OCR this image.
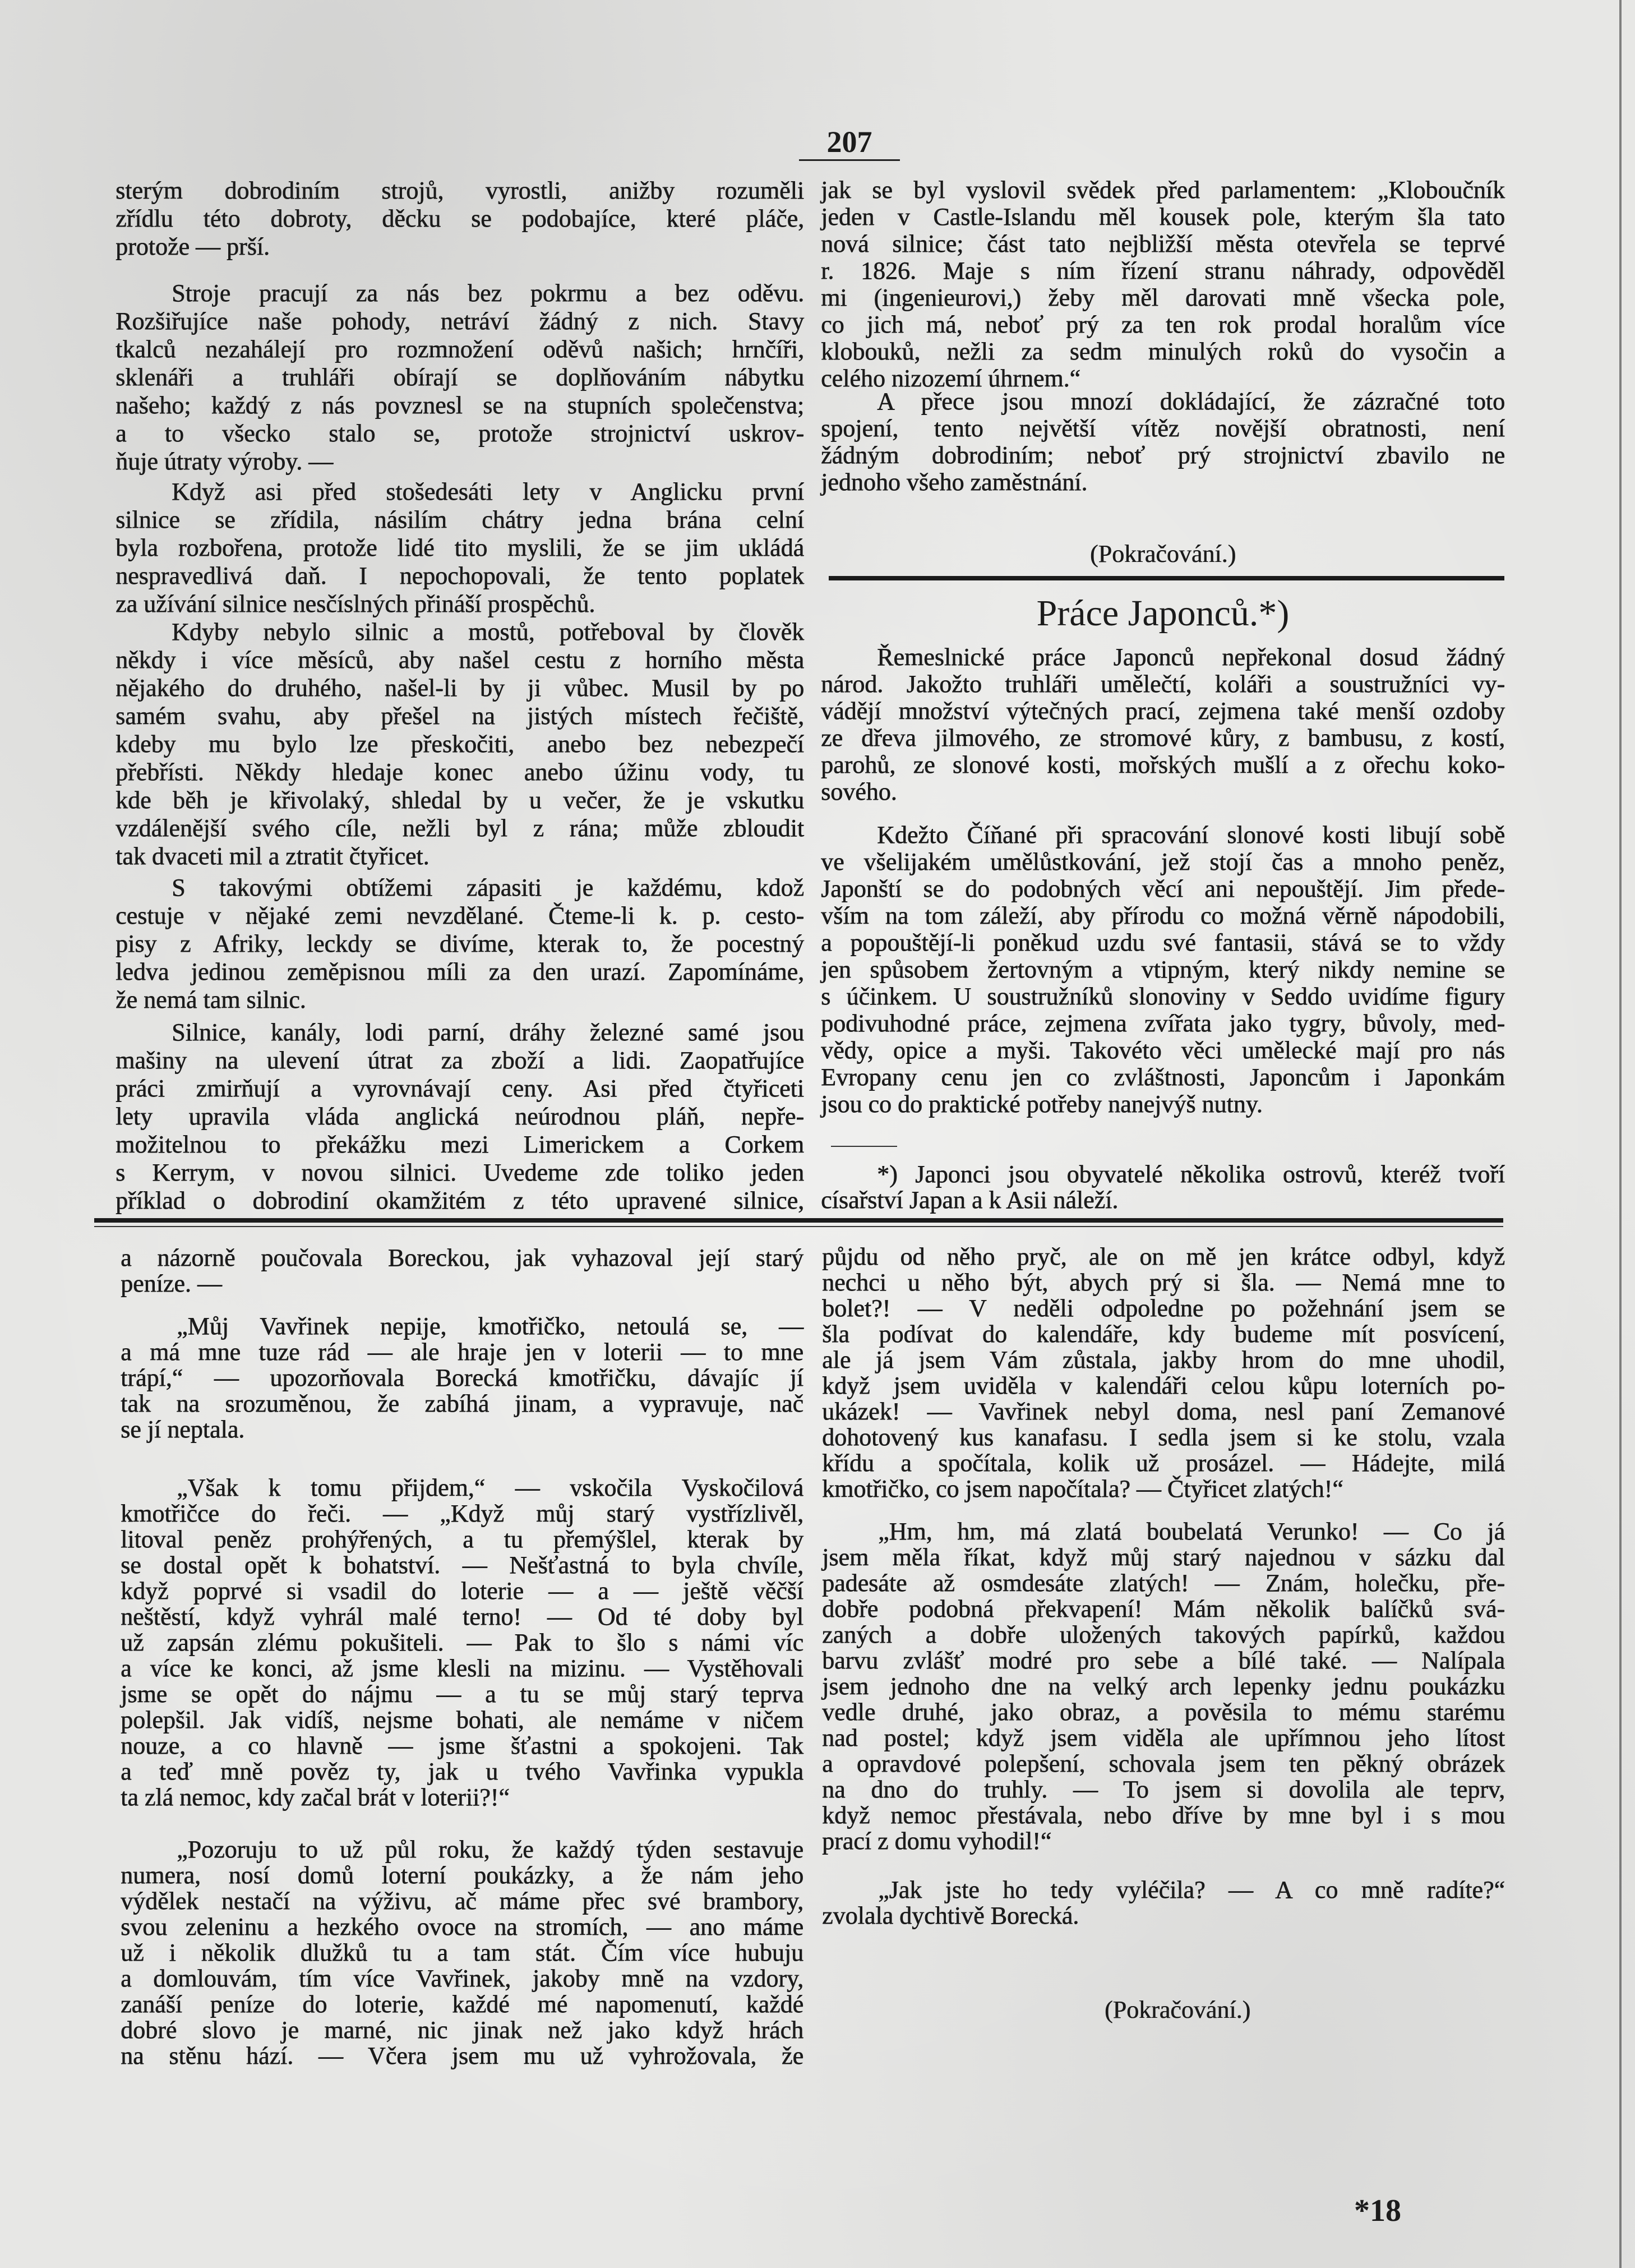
207
sterým dobrodiním strojů, vyrostli, anižby rozuměli
zřídlu této dobroty, děcku se podobajíce, které pláče,
protože — prší.
Stroje pracují za nás bez pokrmu a bez oděvu.
Rozšiřujíce naše pohody, netráví žádný z nich. Stavy
tkalců nezahálejí pro rozmnožení oděvů našich; hrnčíři,
sklenáři a truhláři obírají se doplňováním nábytku
našeho; každý z nás povznesl se na stupních společenstva;
a to všecko stalo se, protože strojnictví uskrov-
ňuje útraty výroby. —
Když asi před stošedesáti lety v Anglicku první
silnice se zřídila, násilím chátry jedna brána celní
byla rozbořena, protože lidé tito myslili, že se jim ukládá
nespravedlivá daň. I nepochopovali, že tento poplatek
za užívání silnice nesčíslných přináší prospěchů.
Kdyby nebylo silnic a mostů, potřeboval by člověk
někdy i více měsíců, aby našel cestu z horního města
nějakého do druhého, našel-li by ji vůbec. Musil by po
samém svahu, aby přešel na jistých místech řečiště,
kdeby mu bylo lze přeskočiti, anebo bez nebezpečí
přebřísti. Někdy hledaje konec anebo úžinu vody, tu
kde běh je křivolaký, shledal by u večer, že je vskutku
vzdálenější svého cíle, nežli byl z rána; může zbloudit
tak dvaceti mil a ztratit čtyřicet.
S takovými obtížemi zápasiti je každému, kdož
cestuje v nějaké zemi nevzdělané. Čteme-li k. p. cesto-
pisy z Afriky, leckdy se divíme, kterak to, že pocestný
ledva jedinou zeměpisnou míli za den urazí. Zapomínáme,
že nemá tam silnic.
Silnice, kanály, lodi parní, dráhy železné samé jsou
mašiny na ulevení útrat za zboží a lidi. Zaopatřujíce
práci zmirňují a vyrovnávají ceny. Asi před čtyřiceti
lety upravila vláda anglická neúrodnou pláň, nepře-
možitelnou to překážku mezi Limerickem a Corkem
s Kerrym, v novou silnici. Uvedeme zde toliko jeden
příklad o dobrodiní okamžitém z této upravené silnice,
jak se byl vyslovil svědek před parlamentem: „Kloboučník
jeden v Castle-Islandu měl kousek pole, kterým šla tato
nová silnice; část tato nejbližší města otevřela se teprvé
r. 1826. Maje s ním řízení stranu náhrady, odpověděl
mi (ingenieurovi,) žeby měl darovati mně všecka pole,
co jich má, neboť prý za ten rok prodal horalům více
klobouků, nežli za sedm minulých roků do vysočin a
celého nizozemí úhrnem.“
A přece jsou mnozí dokládající, že zázračné toto
spojení, tento největší vítěz novější obratnosti, není
žádným dobrodiním; neboť prý strojnictví zbavilo ne
jednoho všeho zaměstnání.
(Pokračování.)
Práce Japonců.*)
Řemeslnické práce Japonců nepřekonal dosud žádný
národ. Jakožto truhláři umělečtí, koláři a soustružníci vy-
vádějí množství výtečných prací, zejmena také menší ozdoby
ze dřeva jilmového, ze stromové kůry, z bambusu, z kostí,
parohů, ze slonové kosti, mořských mušlí a z ořechu koko-
sového.
Kdežto Číňané při spracování slonové kosti libují sobě
ve všelijakém umělůstkování, jež stojí čas a mnoho peněz,
Japonští se do podobných věcí ani nepouštějí. Jim přede-
vším na tom záleží, aby přírodu co možná věrně nápodobili,
a popouštějí-li poněkud uzdu své fantasii, stává se to vždy
jen spůsobem žertovným a vtipným, který nikdy nemine se
s účinkem. U soustružníků slonoviny v Seddo uvidíme figury
podivuhodné práce, zejmena zvířata jako tygry, bůvoly, med-
vědy, opice a myši. Takovéto věci umělecké mají pro nás
Evropany cenu jen co zvláštnosti, Japoncům i Japonkám
jsou co do praktické potřeby nanejvýš nutny.
*) Japonci jsou obyvatelé několika ostrovů, kteréž tvoří
císařství Japan a k Asii náleží.
a názorně poučovala Boreckou, jak vyhazoval její starý
peníze. —
„Můj Vavřinek nepije, kmotřičko, netoulá se, —
a má mne tuze rád — ale hraje jen v loterii — to mne
trápí,“ — upozorňovala Borecká kmotřičku, dávajíc jí
tak na srozuměnou, že zabíhá jinam, a vypravuje, nač
se jí neptala.
„Však k tomu přijdem,“ — vskočila Vyskočilová
kmotřičce do řeči. — „Když můj starý vystřízlivěl,
litoval peněz prohýřených, a tu přemýšlel, kterak by
se dostal opět k bohatství. — Nešťastná to byla chvíle,
když poprvé si vsadil do loterie — a — ještě věčší
neštěstí, když vyhrál malé terno! — Od té doby byl
už zapsán zlému pokušiteli. — Pak to šlo s námi víc
a více ke konci, až jsme klesli na mizinu. — Vystěhovali
jsme se opět do nájmu — a tu se můj starý teprva
polepšil. Jak vidíš, nejsme bohati, ale nemáme v ničem
nouze, a co hlavně — jsme šťastni a spokojeni. Tak
a teď mně pověz ty, jak u tvého Vavřinka vypukla
ta zlá nemoc, kdy začal brát v loterii?!“
„Pozoruju to už půl roku, že každý týden sestavuje
numera, nosí domů loterní poukázky, a že nám jeho
výdělek nestačí na výživu, ač máme přec své brambory,
svou zeleninu a hezkého ovoce na stromích, — ano máme
už i několik dlužků tu a tam stát. Čím více hubuju
a domlouvám, tím více Vavřinek, jakoby mně na vzdory,
zanáší peníze do loterie, každé mé napomenutí, každé
dobré slovo je marné, nic jinak než jako když hrách
na stěnu hází. — Včera jsem mu už vyhrožovala, že
půjdu od něho pryč, ale on mě jen krátce odbyl, když
nechci u něho být, abych prý si šla. — Nemá mne to
bolet?! — V neděli odpoledne po požehnání jsem se
šla podívat do kalendáře, kdy budeme mít posvícení,
ale já jsem Vám zůstala, jakby hrom do mne uhodil,
když jsem uviděla v kalendáři celou kůpu loterních po-
ukázek! — Vavřinek nebyl doma, nesl paní Zemanové
dohotovený kus kanafasu. I sedla jsem si ke stolu, vzala
křídu a spočítala, kolik už prosázel. — Hádejte, milá
kmotřičko, co jsem napočítala? — Čtyřicet zlatých!“
„Hm, hm, má zlatá boubelatá Verunko! — Co já
jsem měla říkat, když můj starý najednou v sázku dal
padesáte až osmdesáte zlatých! — Znám, holečku, pře-
dobře podobná překvapení! Mám několik balíčků svá-
zaných a dobře uložených takových papírků, každou
barvu zvlášť modré pro sebe a bílé také. — Nalípala
jsem jednoho dne na velký arch lepenky jednu poukázku
vedle druhé, jako obraz, a pověsila to mému starému
nad postel; když jsem viděla ale upřímnou jeho lítost
a opravdové polepšení, schovala jsem ten pěkný obrázek
na dno do truhly. — To jsem si dovolila ale teprv,
když nemoc přestávala, nebo dříve by mne byl i s mou
prací z domu vyhodil!“
„Jak jste ho tedy vyléčila? — A co mně radíte?“
zvolala dychtivě Borecká.
(Pokračování.)
*18
